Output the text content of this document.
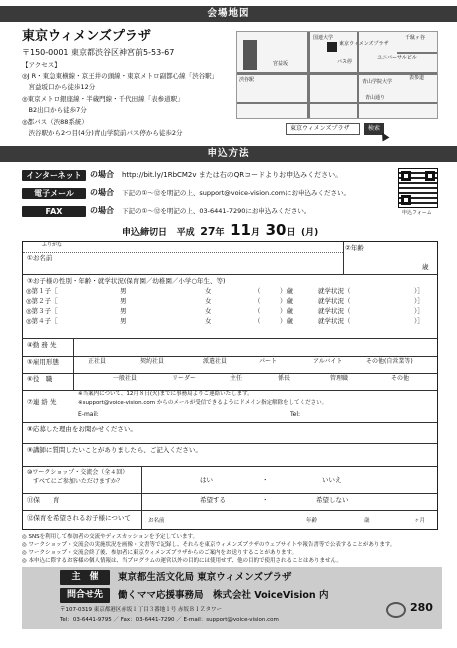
会場地図
東京ウィメンズプラザ
〒150-0001 東京都渋谷区神宮前5-53-67
【アクセス】
◎J R・東急東横線・京王井の頭線・東京メトロ副都心線「渋谷駅」
　宮益坂口から徒歩12分
◎東京メトロ銀座線・半蔵門線・千代田線「表参道駅」
　B2出口から徒歩7分
◎都バス（渋88系統）
　渋谷駅から2つ目(4分)青山学院前バス停から徒歩2分
東京ウィメンズプラザ
青山学院大学
国連大学
表参道
渋谷駅
バス停
宮益坂
青山通り
千駄ヶ谷
ユニバーサルビル
東京ウィメンズプラザ	検索
申込方法
インターネット	の場合 http://bit.ly/1RbCM2v または右のQRコードよりお申込みください。
電子メール	の場合 下記の①〜⑫を明記の上、support@voice-vision.comにお申込みください。
FAX	の場合 下記の①〜⑫を明記の上、03-6441-7290にお申込みください。	申込フォーム
申込締切日 平成 27年 11月 30日 (月)
ふりがな
①お名前
②年齢
歳
③お子様の性別・年齢・就学状況(保育園／幼稚園／小学○年生、等)
◎第１子［	男	女	（　　　）歳	就学状況（	）］
◎第２子［	男	女	（　　　）歳	就学状況（	）］
◎第３子［	男	女	（　　　）歳	就学状況（	）］
◎第４子［	男	女	（　　　）歳	就学状況（	）］
④勤 務 先
⑤雇用形態	正社員	契約社員	派遣社員	パート	アルバイト	その他(自営業等)
⑥役　職	一般社員	リーダー	主任	係長	管理職	その他
⑦連 絡 先
※当案内について、12月８日(火)までに事務局よりご連絡いたします。
※support@voice-vision.com からのメールが受信できるようにドメイン指定解除をしてください。
E-mail:	Tel:
⑧応募した理由をお聞かせください。
⑨講師に質問したいことがありましたら、ご記入ください。
⑩ワークショップ・交流会（全４回）
　すべてにご参加いただけますか？	はい	・	いいえ
⑪保　　育	希望する	・	希望しない
⑫保育を希望されるお子様について	お名前	年齢	歳	ヶ月
◎ SNSを利用して参加者の交流やディスカッションを予定しています。
◎ ワークショップ・交流会の実施状況を画像・文書等で記録し、それらを東京ウィメンズプラザのウェブサイトや報告書等で公表することがあります。
◎ ワークショップ・交流会終了後、参加者に東京ウィメンズプラザからのご案内をお送りすることがあります。
◎ 本申込に際するお客様の個人情報は、当プログラムの運営以外の目的には使用せず、他の目的で使用されることはありません。
主　催	東京都生活文化局 東京ウィメンズプラザ
問合せ先	働くママ応援事務局　株式会社 VoiceVision 内
〒107-0319 東京都港区赤坂１丁目３番地１号 赤坂ＢＩＺタワー
Tel：03-6441-9795 ／ Fax：03-6441-7290 ／ E-mail：support@voice-vision.com
280
